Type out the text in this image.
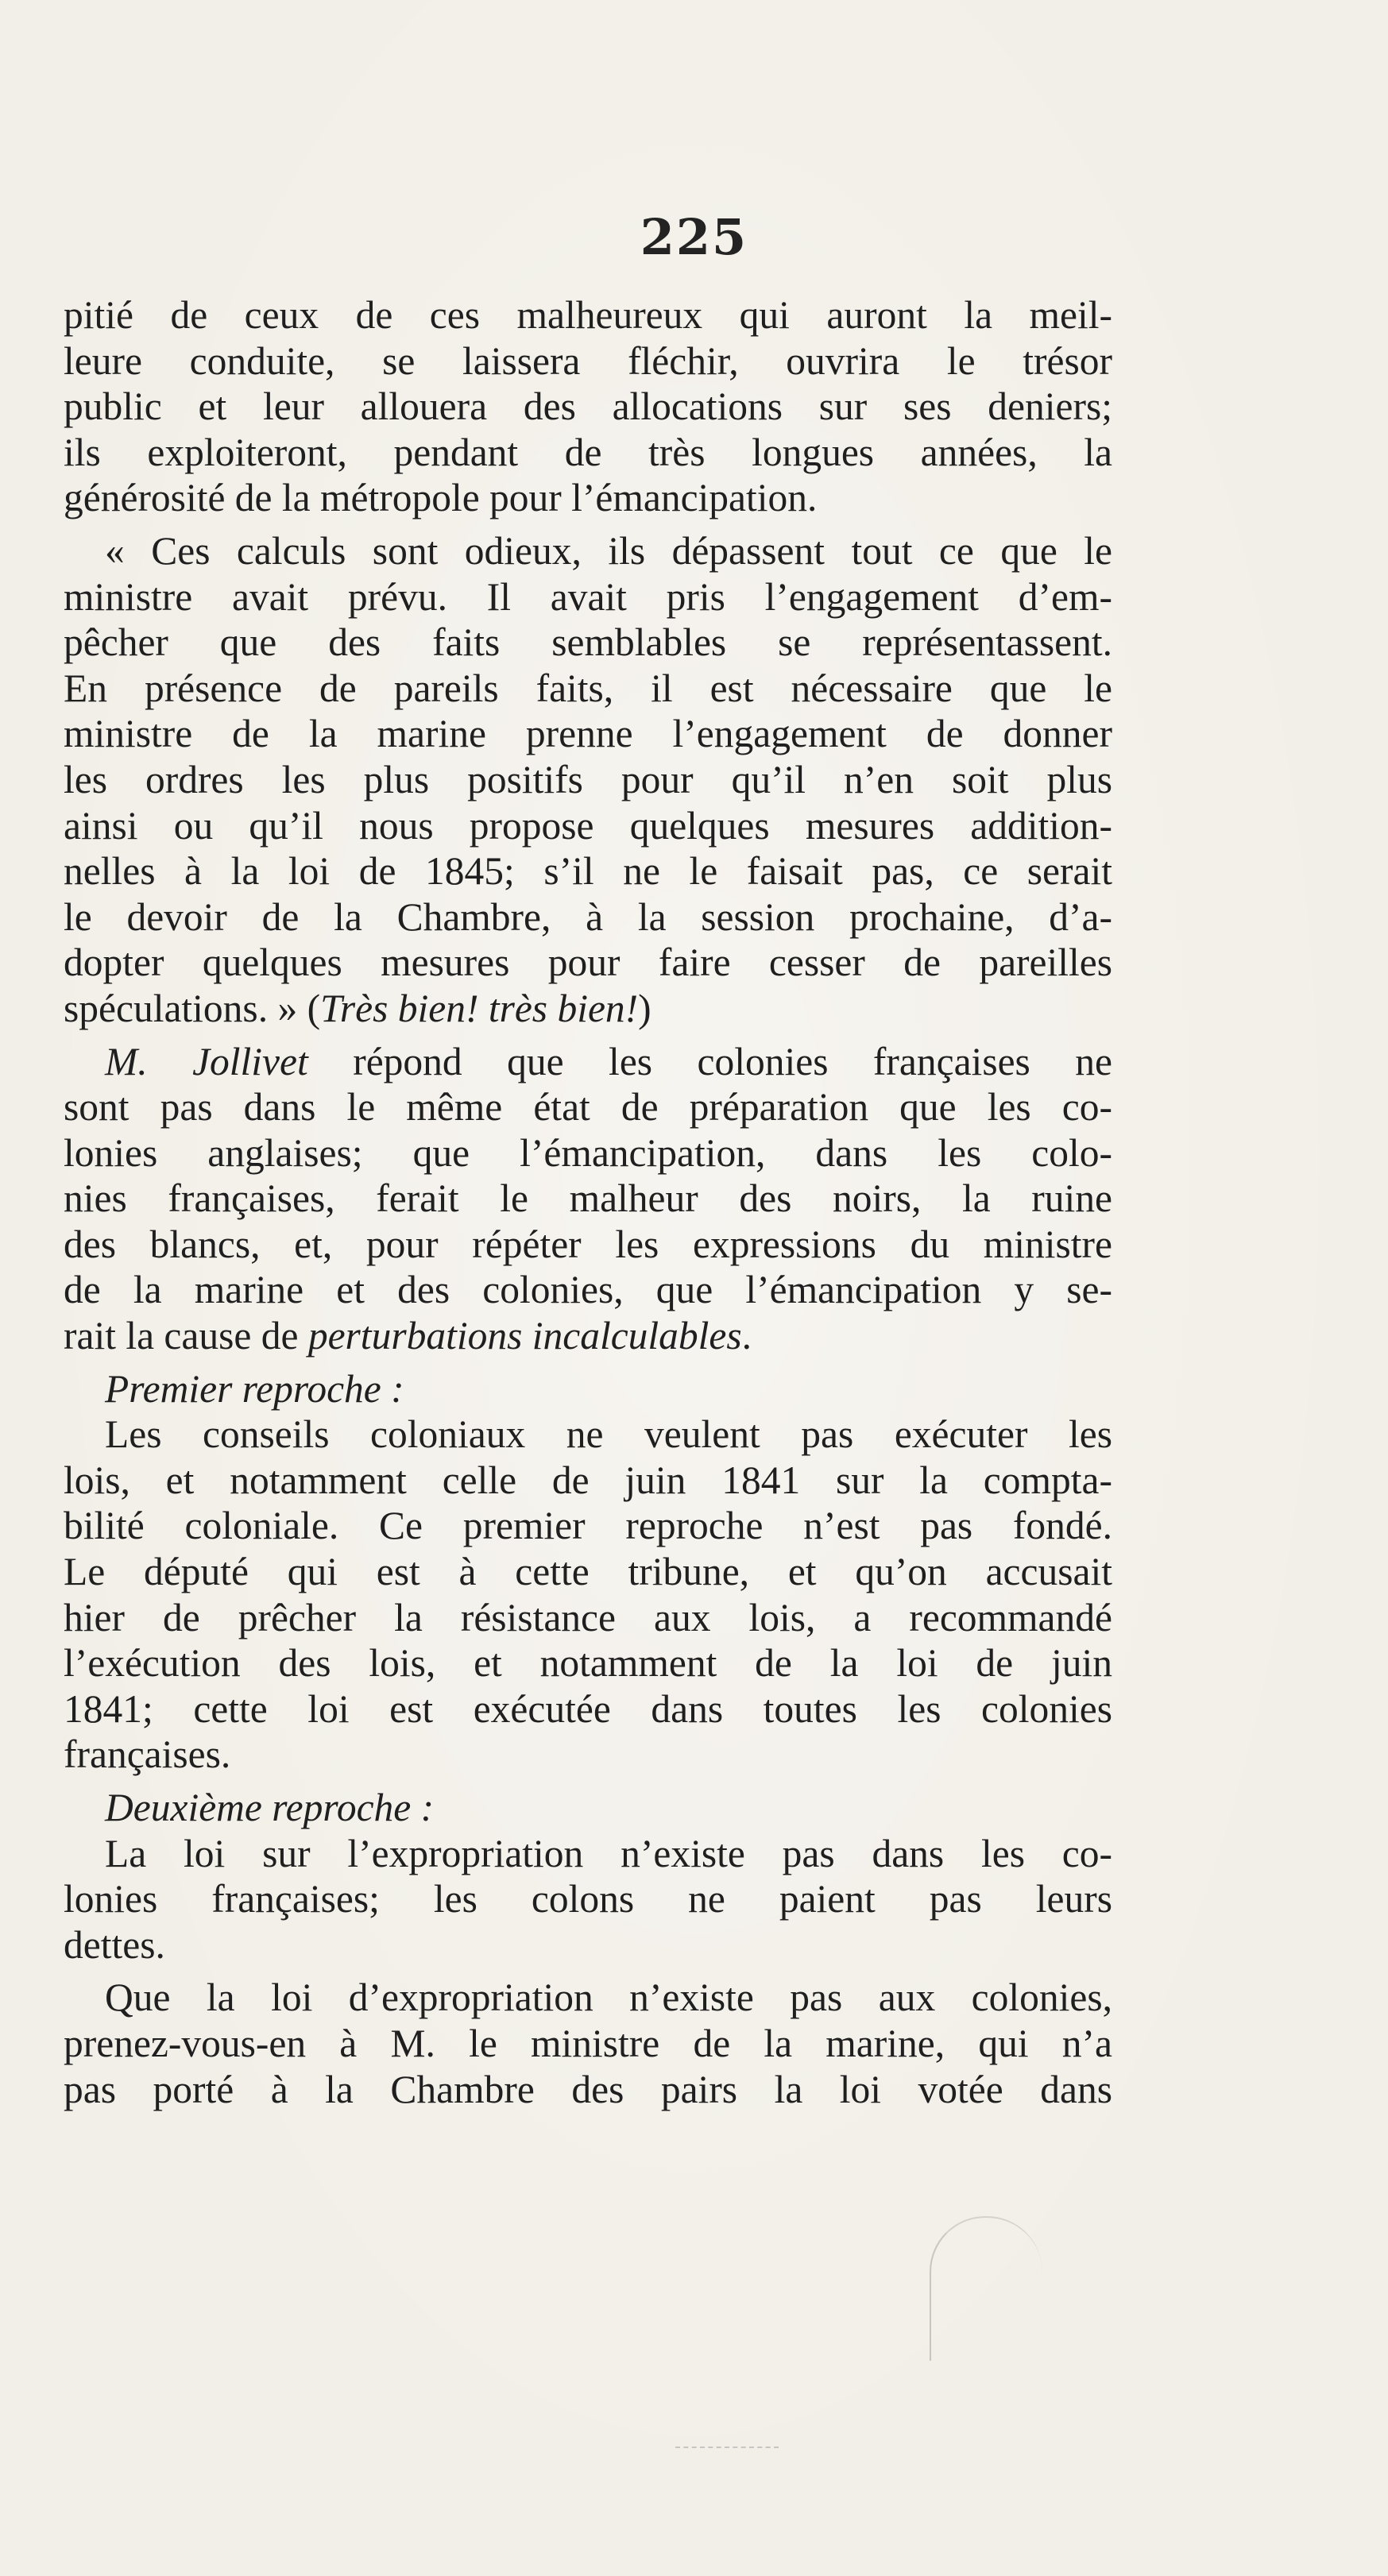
225
pitié de ceux de ces malheureux qui auront la meil-
leure conduite, se laissera fléchir, ouvrira le trésor
public et leur allouera des allocations sur ses deniers;
ils exploiteront, pendant de très longues années, la
générosité de la métropole pour l’émancipation.
« Ces calculs sont odieux, ils dépassent tout ce que le
ministre avait prévu. Il avait pris l’engagement d’em-
pêcher que des faits semblables se représentassent.
En présence de pareils faits, il est nécessaire que le
ministre de la marine prenne l’engagement de donner
les ordres les plus positifs pour qu’il n’en soit plus
ainsi ou qu’il nous propose quelques mesures addition-
nelles à la loi de 1845; s’il ne le faisait pas, ce serait
le devoir de la Chambre, à la session prochaine, d’a-
dopter quelques mesures pour faire cesser de pareilles
spéculations. » (Très bien! très bien!)
M. Jollivet répond que les colonies françaises ne
sont pas dans le même état de préparation que les co-
lonies anglaises; que l’émancipation, dans les colo-
nies françaises, ferait le malheur des noirs, la ruine
des blancs, et, pour répéter les expressions du ministre
de la marine et des colonies, que l’émancipation y se-
rait la cause de perturbations incalculables.
Premier reproche :
Les conseils coloniaux ne veulent pas exécuter les
lois, et notamment celle de juin 1841 sur la compta-
bilité coloniale. Ce premier reproche n’est pas fondé.
Le député qui est à cette tribune, et qu’on accusait
hier de prêcher la résistance aux lois, a recommandé
l’exécution des lois, et notamment de la loi de juin
1841; cette loi est exécutée dans toutes les colonies
françaises.
Deuxième reproche :
La loi sur l’expropriation n’existe pas dans les co-
lonies françaises; les colons ne paient pas leurs
dettes.
Que la loi d’expropriation n’existe pas aux colonies,
prenez-vous-en à M. le ministre de la marine, qui n’a
pas porté à la Chambre des pairs la loi votée dans
